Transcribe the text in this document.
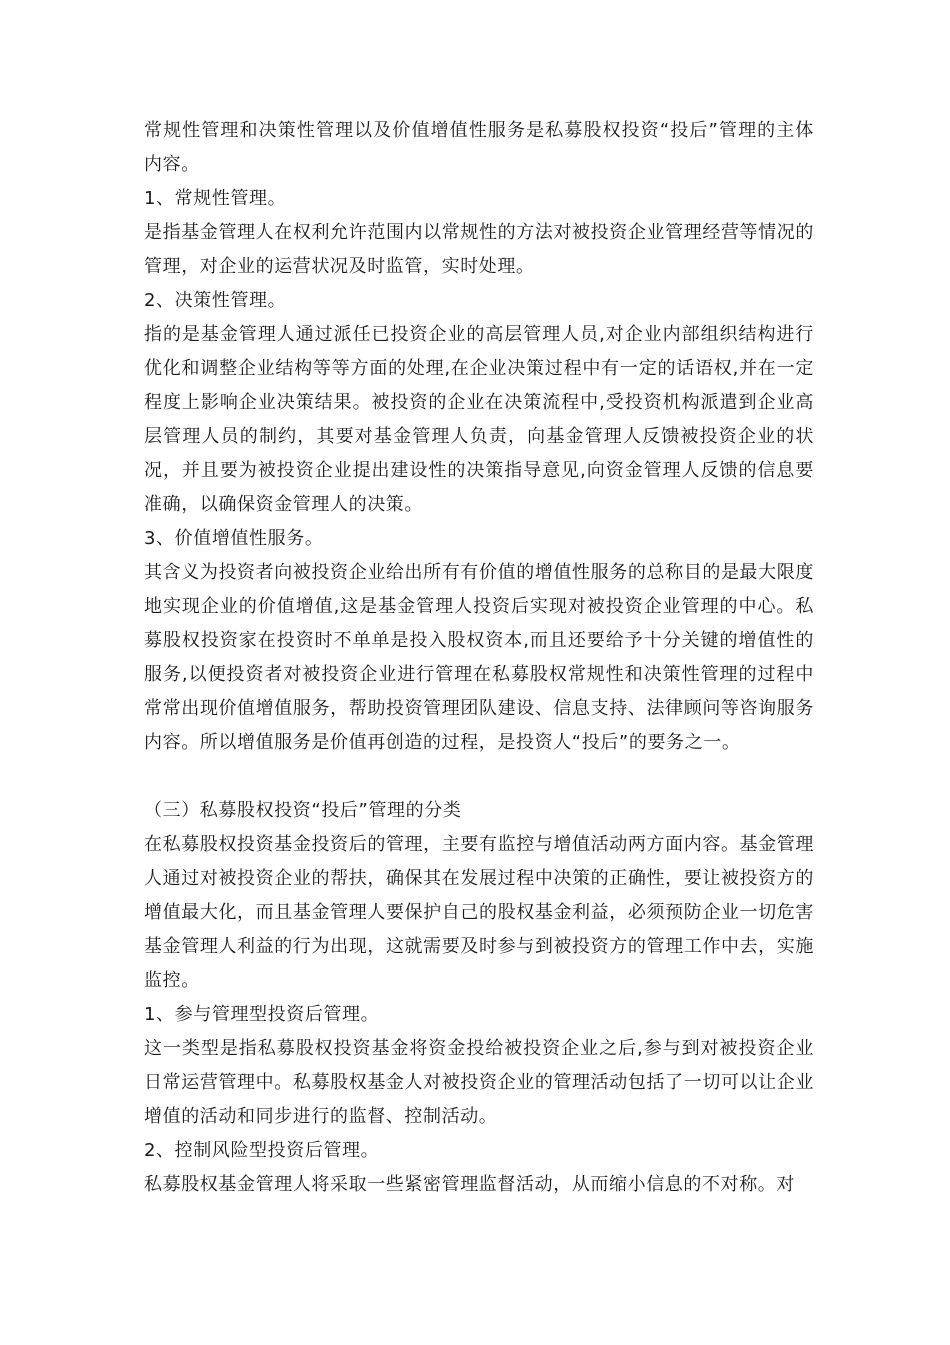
常规性管理和决策性管理以及价值增值性服务是私募股权投资“投后”管理的主体内容。

1、常规性管理。

是指基金管理人在权利允许范围内以常规性的方法对被投资企业管理经营等情况的管理，对企业的运营状况及时监管，实时处理。

2、决策性管理。

指的是基金管理人通过派任已投资企业的高层管理人员,对企业内部组织结构进行优化和调整企业结构等等方面的处理,在企业决策过程中有一定的话语权,并在一定程度上影响企业决策结果。被投资的企业在决策流程中,受投资机构派遣到企业高层管理人员的制约，其要对基金管理人负责，向基金管理人反馈被投资企业的状况，并且要为被投资企业提出建设性的决策指导意见,向资金管理人反馈的信息要准确，以确保资金管理人的决策。

3、价值增值性服务。

其含义为投资者向被投资企业给出所有有价值的增值性服务的总称目的是最大限度地实现企业的价值增值,这是基金管理人投资后实现对被投资企业管理的中心。私募股权投资家在投资时不单单是投入股权资本,而且还要给予十分关键的增值性的服务,以便投资者对被投资企业进行管理在私募股权常规性和决策性管理的过程中常常出现价值增值服务，帮助投资管理团队建设、信息支持、法律顾问等咨询服务内容。所以增值服务是价值再创造的过程，是投资人“投后”的要务之一。

（三）私募股权投资“投后”管理的分类

在私募股权投资基金投资后的管理，主要有监控与增值活动两方面内容。基金管理人通过对被投资企业的帮扶，确保其在发展过程中决策的正确性，要让被投资方的增值最大化，而且基金管理人要保护自己的股权基金利益，必须预防企业一切危害基金管理人利益的行为出现，这就需要及时参与到被投资方的管理工作中去，实施监控。

1、参与管理型投资后管理。

这一类型是指私募股权投资基金将资金投给被投资企业之后,参与到对被投资企业日常运营管理中。私募股权基金人对被投资企业的管理活动包括了一切可以让企业增值的活动和同步进行的监督、控制活动。

2、控制风险型投资后管理。

私募股权基金管理人将采取一些紧密管理监督活动，从而缩小信息的不对称。对
